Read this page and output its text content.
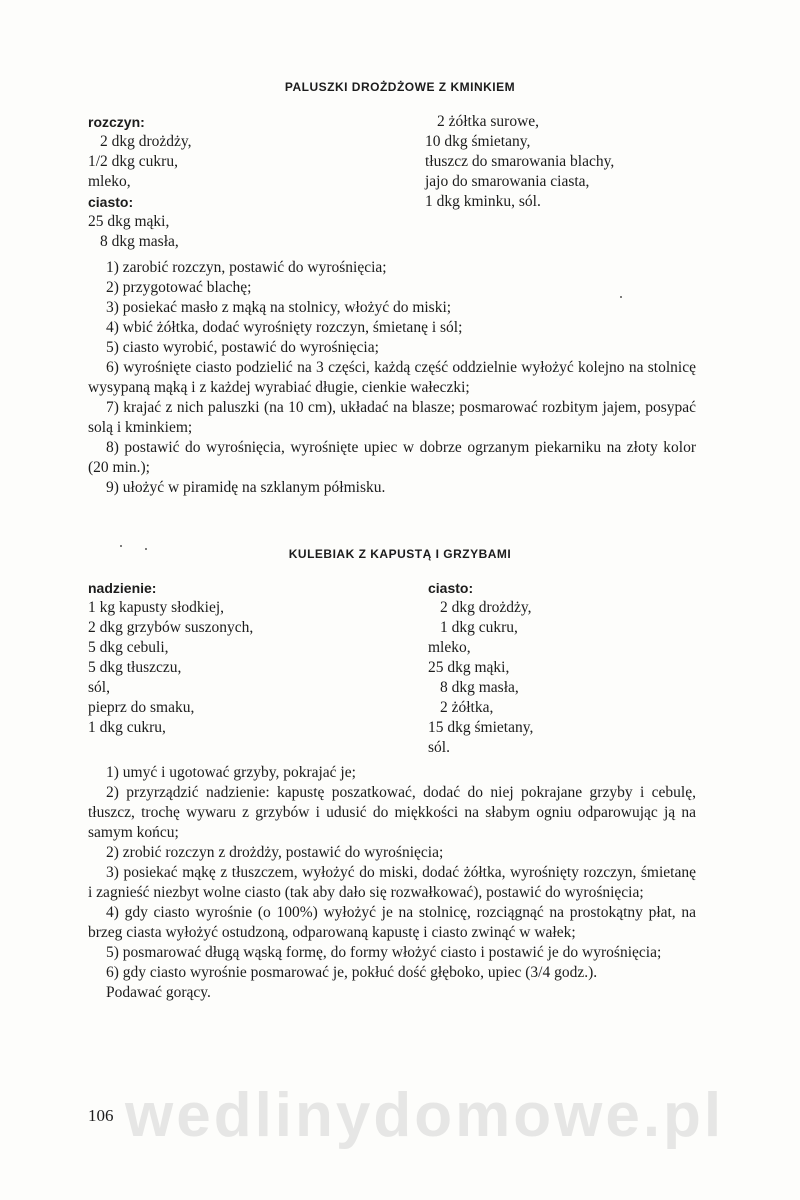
PALUSZKI DROŻDŻOWE Z KMINKIEM
rozczyn:
2 dkg drożdży,
1/2 dkg cukru,
mleko,
ciasto:
25 dkg mąki,
8 dkg masła,
2 żółtka surowe,
10 dkg śmietany,
tłuszcz do smarowania blachy,
jajo do smarowania ciasta,
1 dkg kminku, sól.

1) zarobić rozczyn, postawić do wyrośnięcia;

2) przygotować blachę;

3) posiekać masło z mąką na stolnicy, włożyć do miski;

4) wbić żółtka, dodać wyrośnięty rozczyn, śmietanę i sól;

5) ciasto wyrobić, postawić do wyrośnięcia;

6) wyrośnięte ciasto podzielić na 3 części, każdą część oddzielnie wyłożyć kolejno na stolnicę wysypaną mąką i z każdej wyrabiać długie, cienkie wałeczki;

7) krajać z nich paluszki (na 10 cm), układać na blasze; posmarować rozbitym jajem, posypać solą i kminkiem;

8) postawić do wyrośnięcia, wyrośnięte upiec w dobrze ogrzanym piekarniku na złoty kolor (20 min.);

9) ułożyć w piramidę na szklanym półmisku.

KULEBIAK Z KAPUSTĄ I GRZYBAMI
nadzienie:
1 kg kapusty słodkiej,
2 dkg grzybów suszonych,
5 dkg cebuli,
5 dkg tłuszczu,
sól,
pieprz do smaku,
1 dkg cukru,
ciasto:
2 dkg drożdży,
1 dkg cukru,
mleko,
25 dkg mąki,
8 dkg masła,
2 żółtka,
15 dkg śmietany,
sól.

1) umyć i ugotować grzyby, pokrajać je;

2) przyrządzić nadzienie: kapustę poszatkować, dodać do niej pokrajane grzyby i cebulę, tłuszcz, trochę wywaru z grzybów i udusić do miękkości na słabym ogniu odparowując ją na samym końcu;

2) zrobić rozczyn z drożdży, postawić do wyrośnięcia;

3) posiekać mąkę z tłuszczem, wyłożyć do miski, dodać żółtka, wyrośnięty rozczyn, śmietanę i zagnieść niezbyt wolne ciasto (tak aby dało się rozwałkować), postawić do wyrośnięcia;

4) gdy ciasto wyrośnie (o 100%) wyłożyć je na stolnicę, rozciągnąć na prostokątny płat, na brzeg ciasta wyłożyć ostudzoną, odparowaną kapustę i ciasto zwinąć w wałek;

5) posmarować długą wąską formę, do formy włożyć ciasto i postawić je do wyrośnięcia;

6) gdy ciasto wyrośnie posmarować je, pokłuć dość głęboko, upiec (3/4 godz.).

Podawać gorący.

wedlinydomowe.pl
106
